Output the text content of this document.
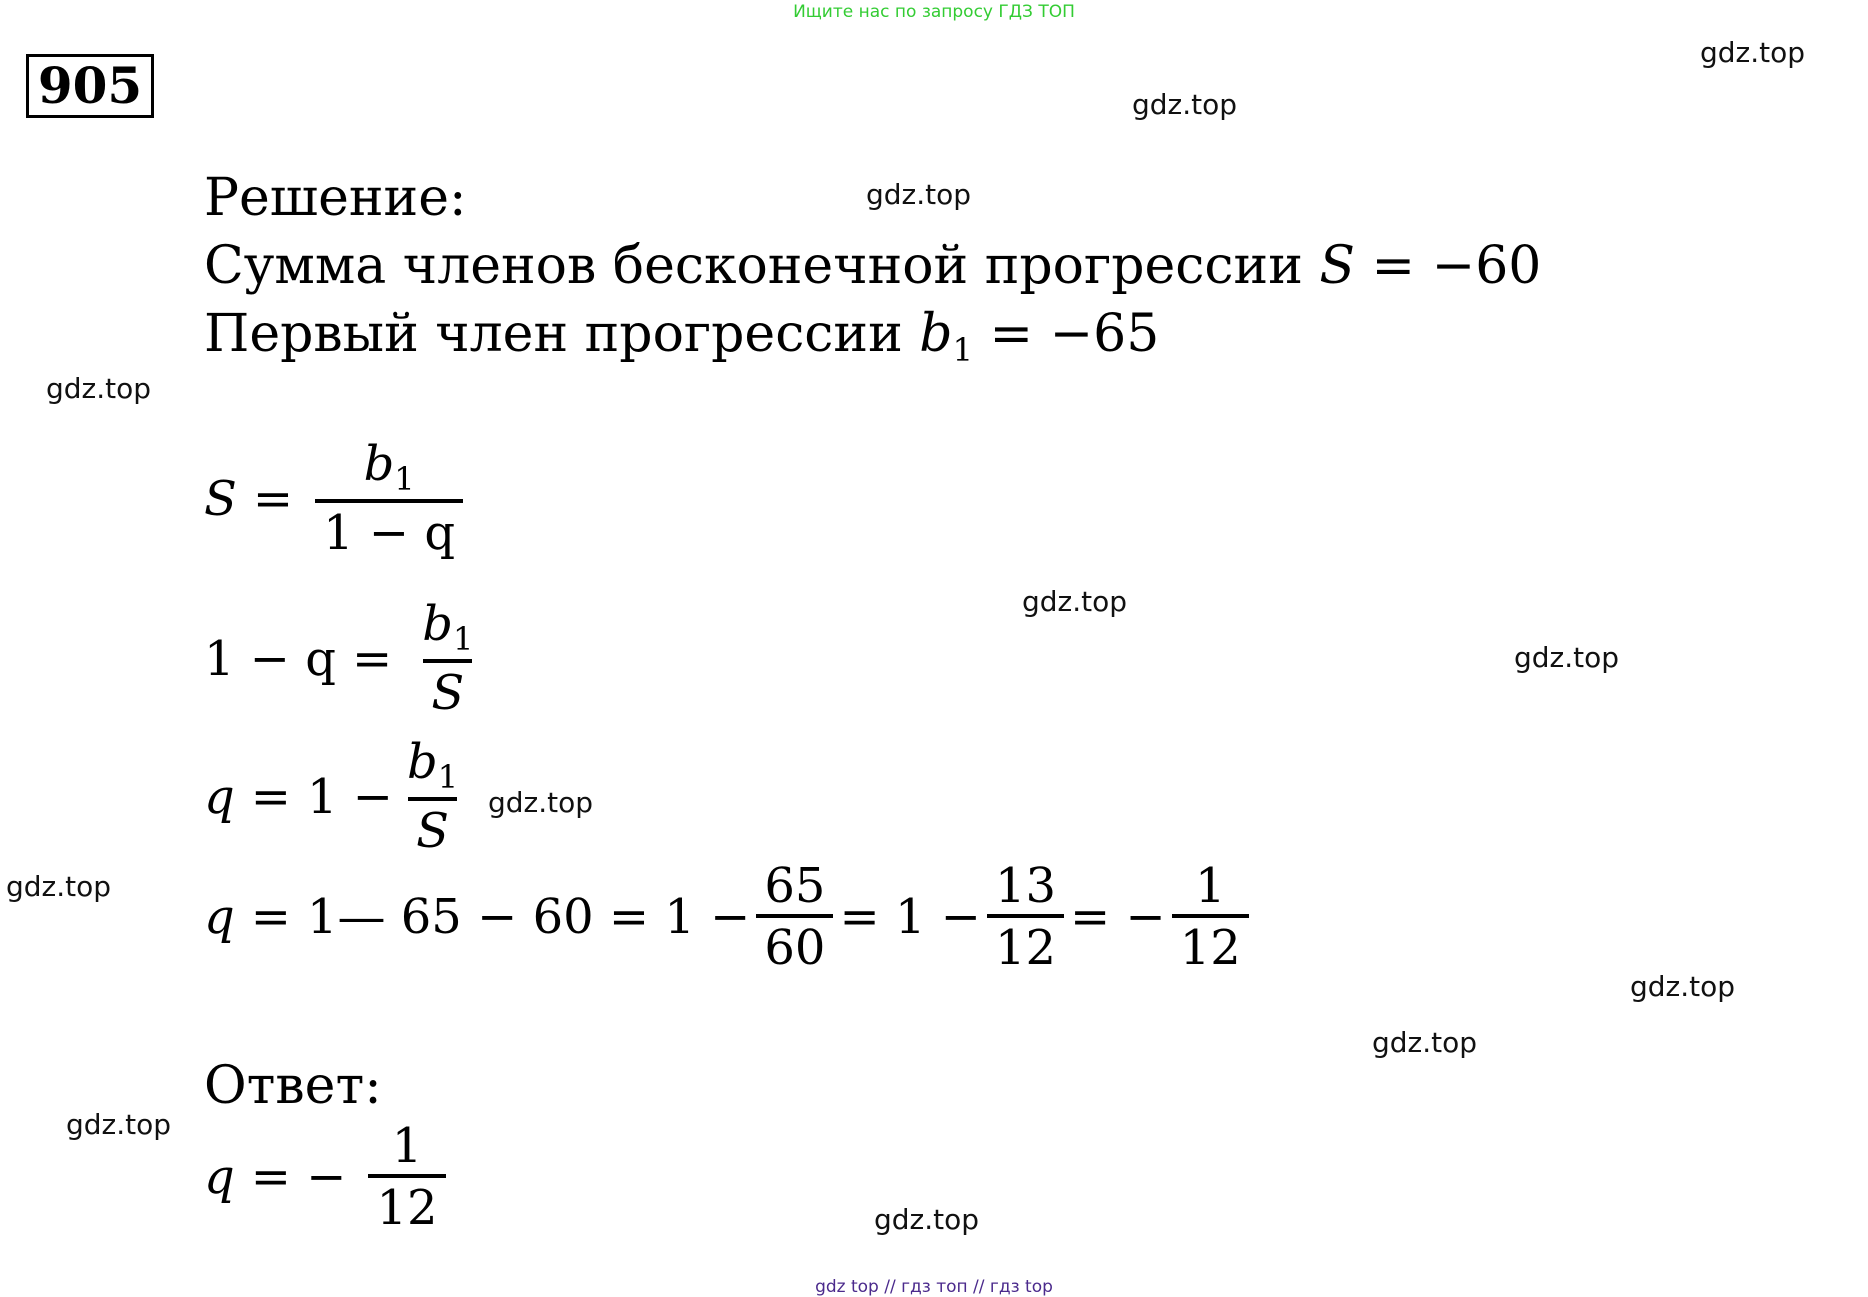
Ищите нас по запросу ГДЗ ТОП
905
gdz.top
gdz.top
gdz.top
gdz.top
gdz.top
gdz.top
gdz.top
gdz.top
gdz.top
gdz.top
gdz.top
gdz.top
Решение:
Сумма членов бесконечной прогрессии S = −60
Первый член прогрессии $b_1 = -65$
$S = \frac{b_1}{1 - q}$
$1 - q = \frac{b_1}{S}$
$q = 1 - \frac{b_1}{S}$
q = 1— $65 - 60 = 1 - \frac{65}{60} = 1 - \frac{13}{12}$ = − $\frac{1}{12}$
Ответ:
q = − $\frac{1}{12}$
gdz top // гдз топ // гдз top
